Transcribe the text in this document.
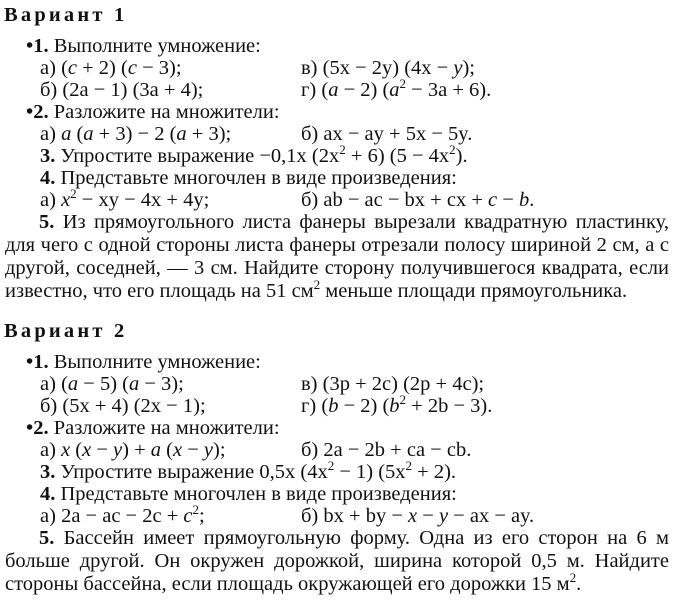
Вариант 1
•1. Выполните умножение:
а) (c + 2) (c − 3);	в) (5x − 2y) (4x − y);
б) (2a − 1) (3a + 4);	г) (a − 2) $(a^2 - 3a + 6)$.
•2. Разложите на множители:
а) a (a + 3) − 2 (a + 3);	б) ax − ay + 5x − 5y.
3. Упростите выражение −0,1x $(2x^2 + 6) (5 - 4x^2)$.
4. Представьте многочлен в виде произведения:
а) $x^2$ − xy − 4x + 4y;	б) ab − ac − bx + cx + c − b.
5. Из прямоугольного листа фанеры вырезали квадратную пластинку, для чего с одной стороны листа фанеры отрезали полосу шириной 2 см, а с другой, соседней, — 3 см. Найдите сторону получившегося квадрата, если известно, что его площадь на 51 $см^2$ меньше площади прямоугольника.
Вариант 2
•1. Выполните умножение:
а) (a − 5) (a − 3);	в) (3p + 2c) (2p + 4c);
б) (5x + 4) (2x − 1);	г) (b − 2) $(b^2 + 2b - 3)$.
•2. Разложите на множители:
а) x (x − y) + a (x − y);	б) 2a − 2b + ca − cb.
3. Упростите выражение 0,5x $(4x^2 - 1) (5x^2 + 2)$.
4. Представьте многочлен в виде произведения:
а) 2a − ac − $2c + c^2$;	б) bx + by − x − y − ax − ay.
5. Бассейн имеет прямоугольную форму. Одна из его сторон на 6 м больше другой. Он окружен дорожкой, ширина которой 0,5 м. Найдите стороны бассейна, если площадь окружающей его дорожки 15 $м^2$.
